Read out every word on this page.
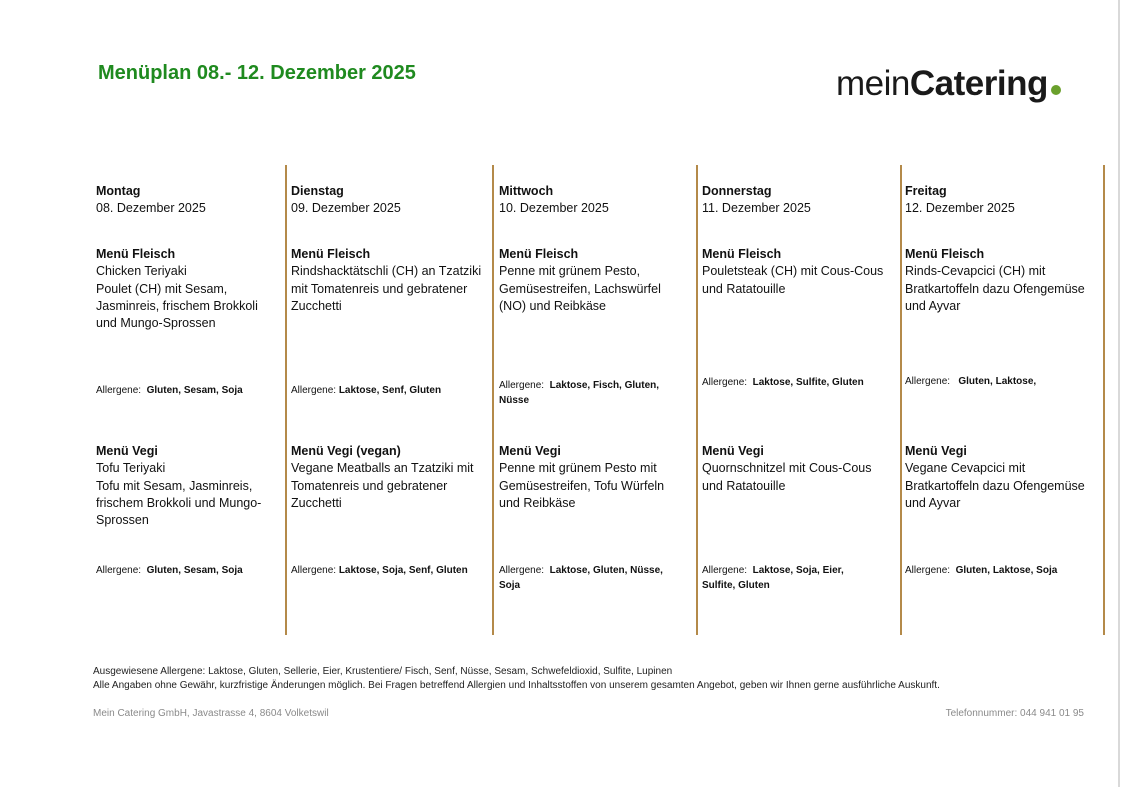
Menüplan 08.- 12. Dezember 2025	meinCatering
Montag
08. Dezember 2025
Menü Fleisch
Chicken Teriyaki
Poulet (CH) mit Sesam,
Jasminreis, frischem Brokkoli
und Mungo-Sprossen
Allergene: Gluten, Sesam, Soja
Menü Vegi
Tofu Teriyaki
Tofu mit Sesam, Jasminreis,
frischem Brokkoli und Mungo-
Sprossen
Allergene: Gluten, Sesam, Soja
Dienstag
09. Dezember 2025
Menü Fleisch
Rindshacktätschli (CH) an Tzatziki
mit Tomatenreis und gebratener
Zucchetti
Allergene: Laktose, Senf, Gluten
Menü Vegi (vegan)
Vegane Meatballs an Tzatziki mit
Tomatenreis und gebratener
Zucchetti
Allergene: Laktose, Soja, Senf, Gluten
Mittwoch
10. Dezember 2025
Menü Fleisch
Penne mit grünem Pesto,
Gemüsestreifen, Lachswürfel
(NO) und Reibkäse
Allergene: Laktose, Fisch, Gluten,
Nüsse
Menü Vegi
Penne mit grünem Pesto mit
Gemüsestreifen, Tofu Würfeln
und Reibkäse
Allergene: Laktose, Gluten, Nüsse,
Soja
Donnerstag
11. Dezember 2025
Menü Fleisch
Pouletsteak (CH) mit Cous-Cous
und Ratatouille
Allergene: Laktose, Sulfite, Gluten
Menü Vegi
Quornschnitzel mit Cous-Cous
und Ratatouille
Allergene: Laktose, Soja, Eier,
Sulfite, Gluten
Freitag
12. Dezember 2025
Menü Fleisch
Rinds-Cevapcici (CH) mit
Bratkartoffeln dazu Ofengemüse
und Ayvar
Allergene: Gluten, Laktose,
Menü Vegi
Vegane Cevapcici mit
Bratkartoffeln dazu Ofengemüse
und Ayvar
Allergene: Gluten, Laktose, Soja
Ausgewiesene Allergene: Laktose, Gluten, Sellerie, Eier, Krustentiere/ Fisch, Senf, Nüsse, Sesam, Schwefeldioxid, Sulfite, Lupinen
Alle Angaben ohne Gewähr, kurzfristige Änderungen möglich. Bei Fragen betreffend Allergien und Inhaltsstoffen von unserem gesamten Angebot, geben wir Ihnen gerne ausführliche Auskunft.
Mein Catering GmbH, Javastrasse 4, 8604 Volketswil	Telefonnummer: 044 941 01 95
